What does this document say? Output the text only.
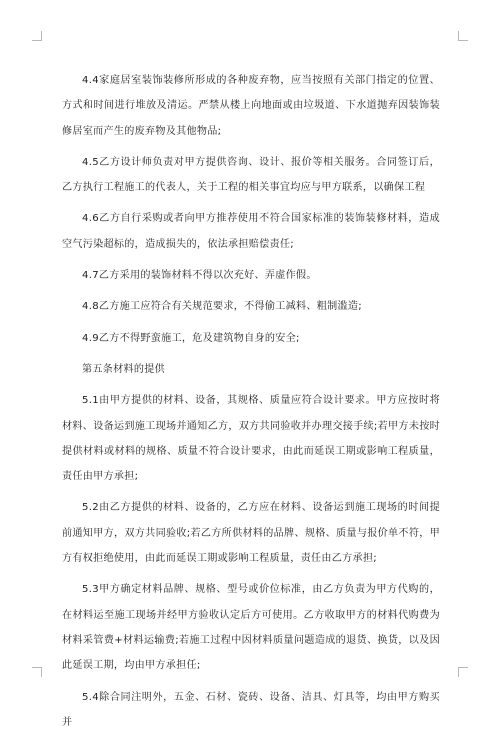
4.4家庭居室装饰装修所形成的各种废弃物，应当按照有关部门指定的位置、方式和时间进行堆放及清运。严禁从楼上向地面或由垃圾道、下水道抛弃因装饰装修居室而产生的废弃物及其他物品;

4.5乙方设计师负责对甲方提供咨询、设计、报价等相关服务。合同签订后，乙方执行工程施工的代表人，关于工程的相关事宜均应与甲方联系，以确保工程

4.6乙方自行采购或者向甲方推荐使用不符合国家标准的装饰装修材料，造成空气污染超标的，造成损失的，依法承担赔偿责任;

4.7乙方采用的装饰材料不得以次充好、弄虚作假。

4.8乙方施工应符合有关规范要求，不得偷工减料、粗制滥造;

4.9乙方不得野蛮施工，危及建筑物自身的安全;

第五条材料的提供

5.1由甲方提供的材料、设备，其规格、质量应符合设计要求。甲方应按时将材料、设备运到施工现场并通知乙方，双方共同验收并办理交接手续;若甲方未按时提供材料或材料的规格、质量不符合设计要求，由此而延误工期或影响工程质量，责任由甲方承担;

5.2由乙方提供的材料、设备的，乙方应在材料、设备运到施工现场的时间提前通知甲方，双方共同验收;若乙方所供材料的品牌、规格、质量与报价单不符，甲方有权拒绝使用，由此而延误工期或影响工程质量，责任由乙方承担;

5.3甲方确定材料品牌、规格、型号或价位标准，由乙方负责为甲方代购的，在材料运至施工现场并经甲方验收认定后方可使用。乙方收取甲方的材料代购费为材料采管费+材料运输费;若施工过程中因材料质量问题造成的退货、换货，以及因此延误工期，均由甲方承担任;

5.4除合同注明外，五金、石材、瓷砖、设备、洁具、灯具等，均由甲方购买并
